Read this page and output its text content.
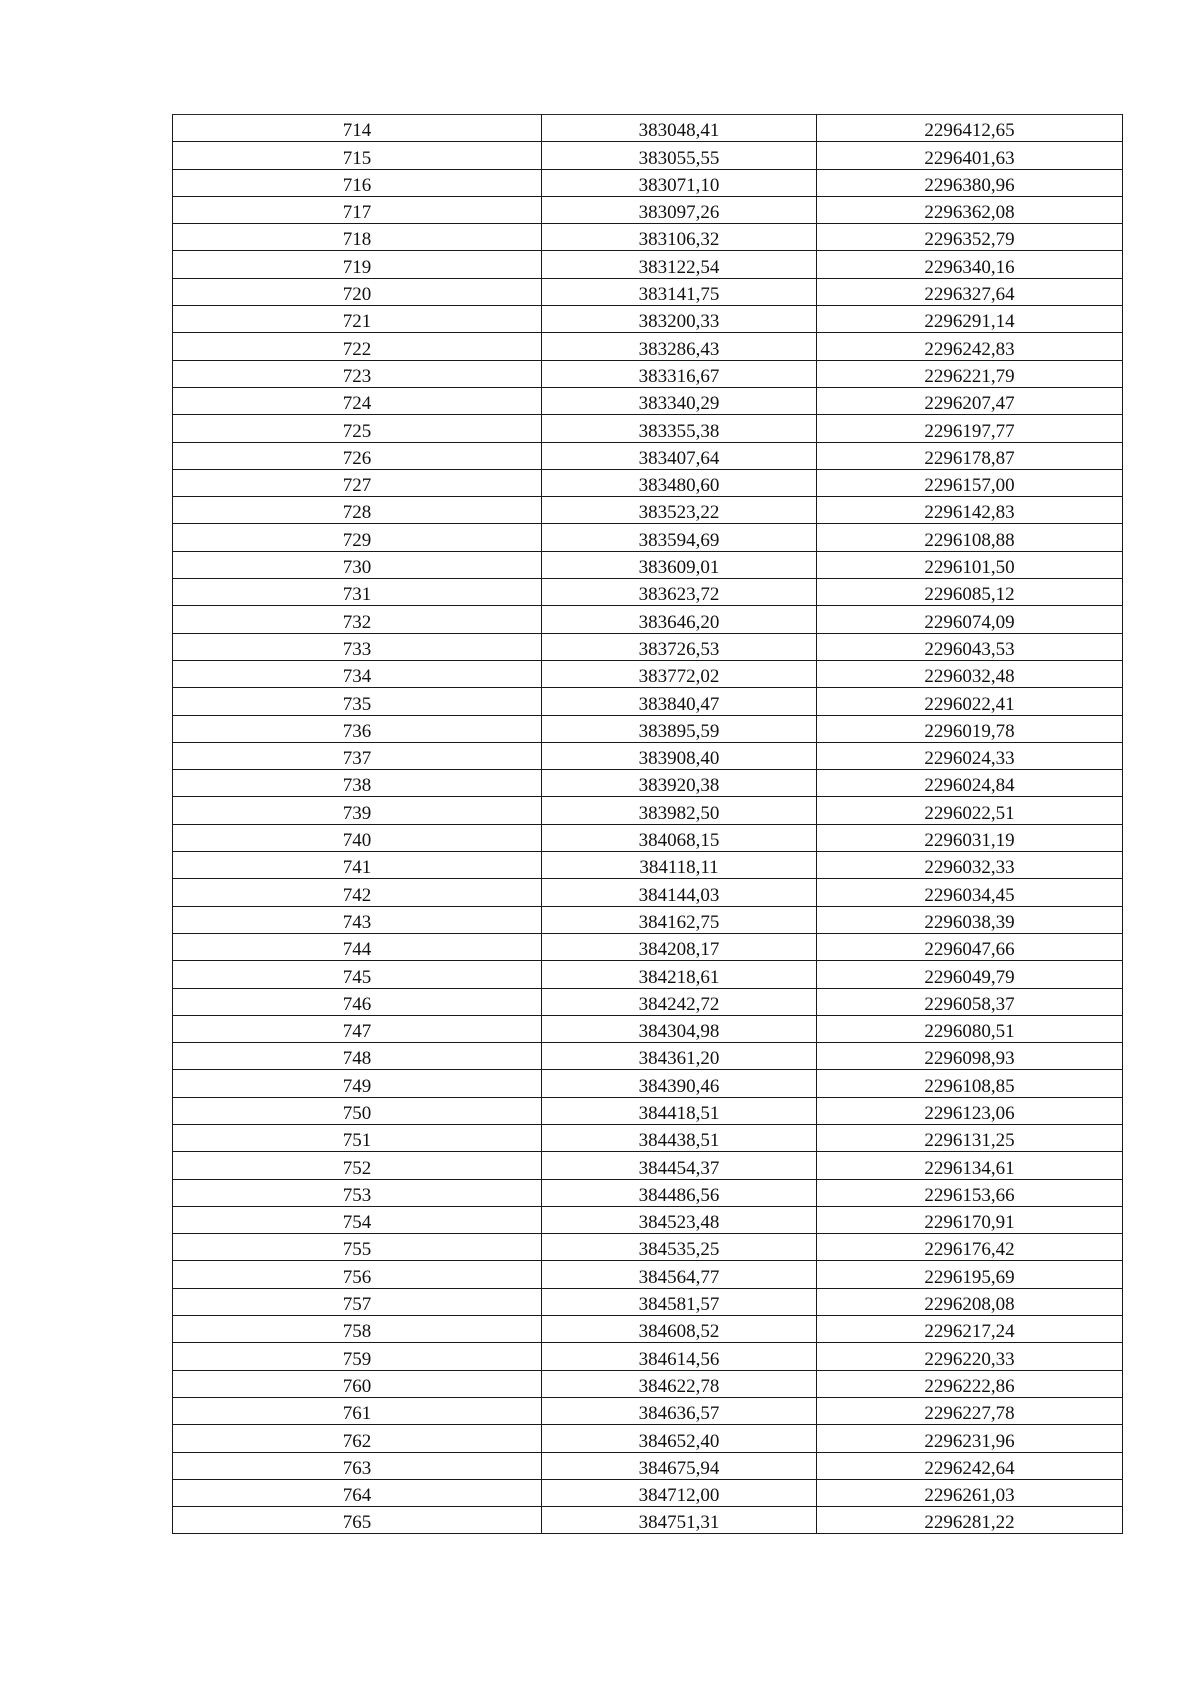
714	383048,41	2296412,65
715	383055,55	2296401,63
716	383071,10	2296380,96
717	383097,26	2296362,08
718	383106,32	2296352,79
719	383122,54	2296340,16
720	383141,75	2296327,64
721	383200,33	2296291,14
722	383286,43	2296242,83
723	383316,67	2296221,79
724	383340,29	2296207,47
725	383355,38	2296197,77
726	383407,64	2296178,87
727	383480,60	2296157,00
728	383523,22	2296142,83
729	383594,69	2296108,88
730	383609,01	2296101,50
731	383623,72	2296085,12
732	383646,20	2296074,09
733	383726,53	2296043,53
734	383772,02	2296032,48
735	383840,47	2296022,41
736	383895,59	2296019,78
737	383908,40	2296024,33
738	383920,38	2296024,84
739	383982,50	2296022,51
740	384068,15	2296031,19
741	384118,11	2296032,33
742	384144,03	2296034,45
743	384162,75	2296038,39
744	384208,17	2296047,66
745	384218,61	2296049,79
746	384242,72	2296058,37
747	384304,98	2296080,51
748	384361,20	2296098,93
749	384390,46	2296108,85
750	384418,51	2296123,06
751	384438,51	2296131,25
752	384454,37	2296134,61
753	384486,56	2296153,66
754	384523,48	2296170,91
755	384535,25	2296176,42
756	384564,77	2296195,69
757	384581,57	2296208,08
758	384608,52	2296217,24
759	384614,56	2296220,33
760	384622,78	2296222,86
761	384636,57	2296227,78
762	384652,40	2296231,96
763	384675,94	2296242,64
764	384712,00	2296261,03
765	384751,31	2296281,22
